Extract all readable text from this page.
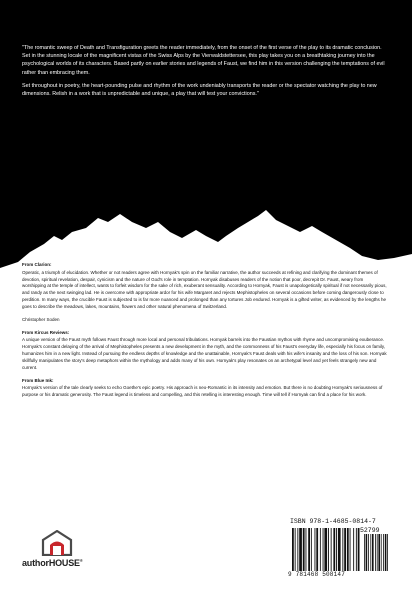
"The romantic sweep of Death and Transfiguration greets the reader immediately, from the onset of the first verse of the play to its dramatic conclusion. Set in the stunning locale of the magnificent vistas of the Swiss Alps by the Vierwaldstettersee, this play takes you on a breathtaking journey into the psychological worlds of its characters. Based partly on earlier stories and legends of Faust, we find him in this version challenging the temptations of evil rather than embracing them.

Set throughout in poetry, the heart-pounding pulse and rhythm of the work undeniably transports the reader or the spectator watching the play to new dimensions. Relish in a work that is unpredictable and unique, a play that will test your convictions."

From Clarion:
Operatic, a triumph of elucidation. Whether or not readers agree with Hornyak's spin on the familiar narrative, the author succeeds at refining and clarifying the dominant themes of devotion, spiritual revelation, despair, cynicism and the nature of God's role in temptation. Hornyak disabuses readers of the notion that poor, decrepit Dr. Faust, weary from worshipping at the temple of intellect, wants to forfeit wisdom for the sake of rich, exuberant sensuality. According to Hornyak, Faust is unapologetically spiritual if not necessarily pious, and randy as the next swinging lad. He is overcome with appropriate ardor for his wife Margaret and rejects Mephistopheles on several occasions before coming dangerously close to perdition. In many ways, the crucible Faust is subjected to is far more nuanced and prolonged than any tortures Job endured. Hornyak is a gifted writer, as evidenced by the lengths he goes to describe the meadows, lakes, mountains, flowers and other natural phenomena of Switzerland.
Christopher Soden
From Kircus Reviews:
A unique version of the Faust myth follows Faust through more local and personal tribulations. Hornyak barrels into the Faustian mythos with rhyme and uncompromising exuberance. Hornyak's constant delaying of the arrival of Mephistopheles presents a new development in the myth, and the commonness of his Faust's everyday life, especially his focus on family, humanizes him in a new light. Instead of pursuing the endless depths of knowledge and the unattainable, Hornyak's Faust deals with his wife's insanity and the loss of his son. Hornyak skillfully manipulates the story's deep metaphors within the mythology and adds many of his own. Hornyak's play resonates on an archetypal level and yet feels strangely new and current.
From Blue Ink:
Hornyak's version of the tale clearly seeks to echo Goethe's epic poetry. His approach is neo-Romantic in its intensity and emotion. But there is no doubting Hornyak's seriousness of purpose or his dramatic generosity. The Faust legend is timeless and compelling, and this retelling is interesting enough. Time will tell if Hornyak can find a place for his work.
authorHOUSE®
ISBN 978-1-4685-0814-7
52799
9 781468 508147
